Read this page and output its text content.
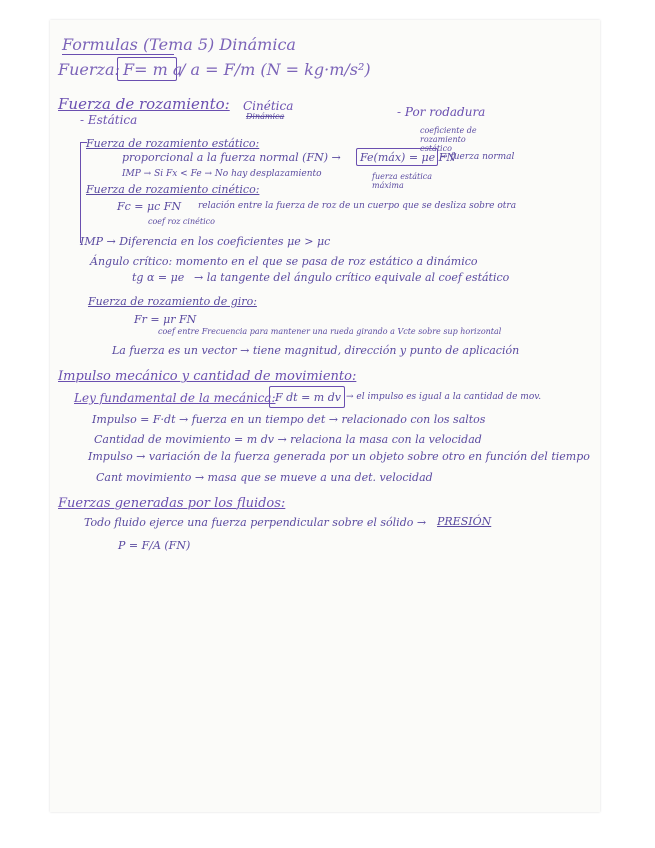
Formulas (Tema 5) Dinámica
Fuerza: F= m a
/ a = F/m (N = kg·m/s²)
Fuerza de rozamiento: Cinética
Dinámica
- Estática
- Por rodadura
coeficiente de rozamiento estático
Fuerza de rozamiento estático:
proporcional a la fuerza normal (FN) → Fe(máx) = μe FN
→ fuerza normal
IMP → Si Fx < Fe → No hay desplazamiento	fuerza estática máxima
Fuerza de rozamiento cinético:
Fc = μc FN relación entre la fuerza de roz de un cuerpo que se desliza sobre otra
coef roz cinético
IMP → Diferencia en los coeficientes μe > μc
Ángulo crítico: momento en el que se pasa de roz estático a dinámico
tg α = μe → la tangente del ángulo crítico equivale al coef estático
Fuerza de rozamiento de giro:
Fr = μr FN
coef entre Frecuencia para mantener una rueda girando a Vcte sobre sup horizontal
La fuerza es un vector → tiene magnitud, dirección y punto de aplicación
Impulso mecánico y cantidad de movimiento:
Ley fundamental de la mecánica: F dt = m dv → el impulso es igual a la cantidad de mov.
Impulso = F·dt → fuerza en un tiempo det → relacionado con los saltos
Cantidad de movimiento = m dv → relaciona la masa con la velocidad
Impulso → variación de la fuerza generada por un objeto sobre otro en función del tiempo
Cant movimiento → masa que se mueve a una det. velocidad
Fuerzas generadas por los fluidos:
Todo fluido ejerce una fuerza perpendicular sobre el sólido → PRESIÓN
P = F/A (FN)
